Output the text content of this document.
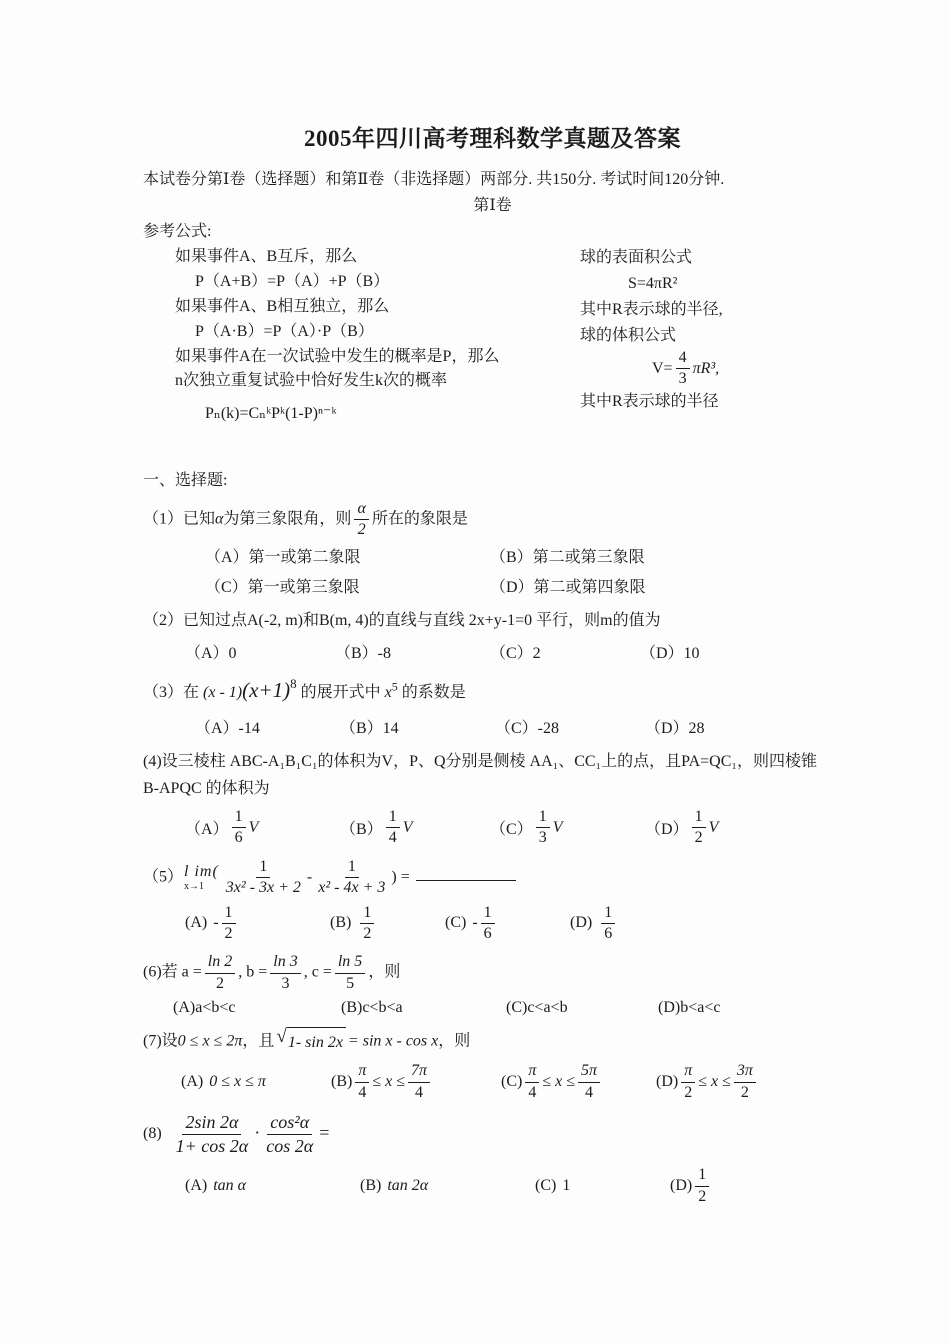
2005年四川高考理科数学真题及答案

本试卷分第Ⅰ卷（选择题）和第Ⅱ卷（非选择题）两部分. 共150分. 考试时间120分钟.

第Ⅰ卷

参考公式:

如果事件A、B互斥，那么

P（A+B）=P（A）+P（B）

如果事件A、B相互独立，那么

P（A·B）=P（A）·P（B）

如果事件A在一次试验中发生的概率是P，那么

n次独立重复试验中恰好发生k次的概率

Pₙ(k)=CₙᵏPᵏ(1-P)ⁿ⁻ᵏ

球的表面积公式

S=4πR²

其中R表示球的半径,

球的体积公式

$V= \frac{4}{3} \pi R^3$,

其中R表示球的半径

一、选择题:

（1）已知α为第三象限角，则 $\frac{\alpha}{2}$ 所在的象限是

（A）第一或第二象限	（B）第二或第三象限
（C）第一或第三象限	（D）第二或第四象限

（2）已知过点A(-2, m)和B(m, 4)的直线与直线 2x+y-1=0 平行，则m的值为

（A）0	（B）-8	（C）2	（D）10

（3）在 $(x - 1)(x+1)^8$ 的展开式中 $x^5$ 的系数是

（A）-14	（B）14	（C）-28	（D）28

(4)设三棱柱 ABC-A₁B₁C₁的体积为V，P、Q分别是侧棱 AA₁、CC₁上的点，且PA=QC₁，则四棱锥
B-APQC 的体积为

$(A) \frac{1}{6}$ V	$(B) \frac{1}{4}$ V	$(C) \frac{1}{3}$ V	$(D) \frac{1}{2}$ V

（5） l im(
$x\to 1 \frac{1}{\text{3x² - 3x + 2}} - \frac{1}{\text{x² - 4x + 3}}$ ) =

$(A) - \frac{1}{2}$	$(B) \frac{1}{2}$	$(C) - \frac{1}{6}$	$(D) \frac{1}{6}$

(6)若 $a = \frac{\ln 2}{2}$ , $b = \frac{\ln 3}{3}$ , $c = \frac{\ln 5}{5}$ ，则

(A)a<b<c	(B)c<b<a	(C)c<a<b	(D)b<a<c

(7)设0 ≤ x ≤ 2π，且 √ 1- sin 2x = sin x - cos x，则

(A) 0 ≤ x ≤ π	$(B) \frac{\pi}{4} \le x \le \frac{7\pi}{4}$	$(C) \frac{\pi}{4} \le x \le \frac{5\pi}{4}$	$(D) \frac{\pi}{2} \le x \le \frac{3\pi}{2}$

$(8) \frac{2\sin 2\alpha}{1+ \cos 2\alpha} \cdot \frac{\text{cos²α}}{\cos 2\alpha}$ =

(A) tan α	(B) tan 2α	(C) 1	$(D) \frac{1}{2}$
